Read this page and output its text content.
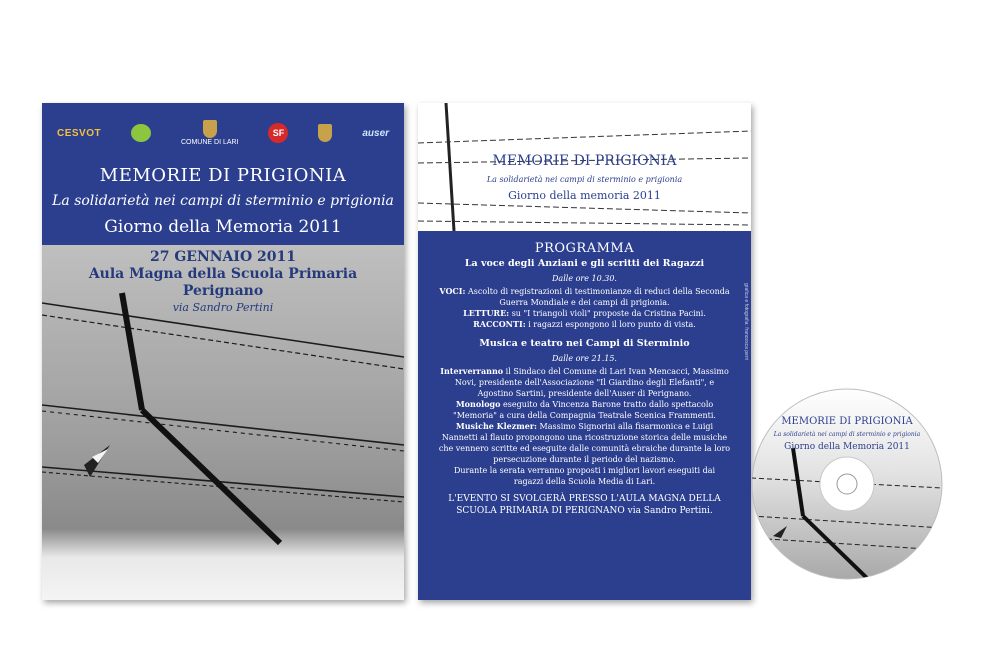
CESVOT
COMUNE DI LARI
SF	auser
MEMORIE DI PRIGIONIA
La solidarietà nei campi di sterminio e prigionia
Giorno della Memoria 2011
27 GENNAIO 2011
Aula Magna della Scuola Primaria
Perignano
via Sandro Pertini
MEMORIE DI PRIGIONIA
La solidarietà nei campi di sterminio e prigionia
Giorno della memoria 2011
PROGRAMMA
La voce degli Anziani e gli scritti dei Ragazzi
Dalle ore 10.30.

VOCI: Ascolto di registrazioni di testimonianze di reduci della Seconda Guerra Mondiale e dei campi di prigionia.

LETTURE: su "I triangoli violi" proposte da Cristina Pacini.

RACCONTI: i ragazzi espongono il loro punto di vista.

Musica e teatro nei Campi di Sterminio
Dalle ore 21.15.

Interverranno il Sindaco del Comune di Lari Ivan Mencacci, Massimo Novi, presidente dell'Associazione "Il Giardino degli Elefanti", e Agostino Sartini, presidente dell'Auser di Perignano.

Monologo eseguito da Vincenza Barone tratto dallo spettacolo "Memoria" a cura della Compagnia Teatrale Scenica Frammenti.

Musiche Klezmer: Massimo Signorini alla fisarmonica e Luigi Nannetti al flauto propongono una ricostruzione storica delle musiche che vennero scritte ed eseguite dalle comunità ebraiche durante la loro persecuzione durante il periodo del nazismo.

Durante la serata verranno proposti i migliori lavori eseguiti dai ragazzi della Scuola Media di Lari.

L'EVENTO SI SVOLGERÀ PRESSO L'AULA MAGNA DELLA SCUOLA PRIMARIA DI PERIGNANO via Sandro Pertini.
grafica e fotografia: francesca perri
MEMORIE DI PRIGIONIA
La solidarietà nei campi di sterminio e prigionia
Giorno della Memoria 2011
